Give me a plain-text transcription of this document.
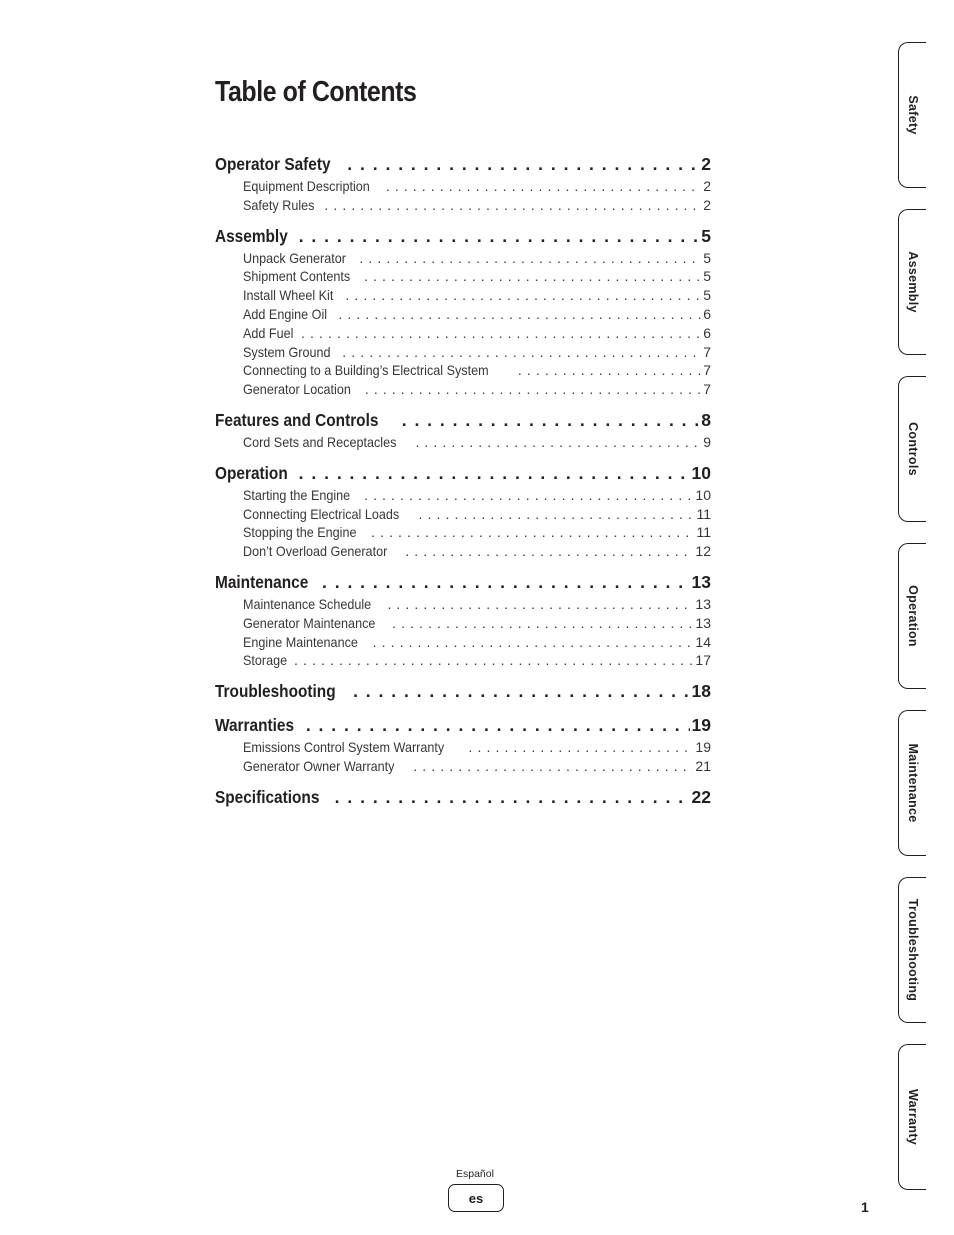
Table of Contents
Operator Safety . . .	2
Equipment Description . . .	2
Safety Rules . . .	2
Assembly . . .	5
Unpack Generator . . .	5
Shipment Contents . . .	5
Install Wheel Kit . . .	5
Add Engine Oil . . .	6
Add Fuel . . .	6
System Ground . . .	7
Connecting to a Building’s Electrical System . . .	7
Generator Location . . .	7
Features and Controls . . .	8
Cord Sets and Receptacles . . .	9
Operation . . .	10
Starting the Engine . . .	10
Connecting Electrical Loads . . .	11
Stopping the Engine . . .	11
Don’t Overload Generator . . .	12
Maintenance . . .	13
Maintenance Schedule . . .	13
Generator Maintenance . . .	13
Engine Maintenance . . .	14
Storage . . .	17
Troubleshooting . . .	18
Warranties . . .	19
Emissions Control System Warranty . . .	19
Generator Owner Warranty . . .	21
Specifications . . .	22
Safety
Assembly
Controls
Operation
Maintenance
Troubleshooting
Warranty
Español
es
1
